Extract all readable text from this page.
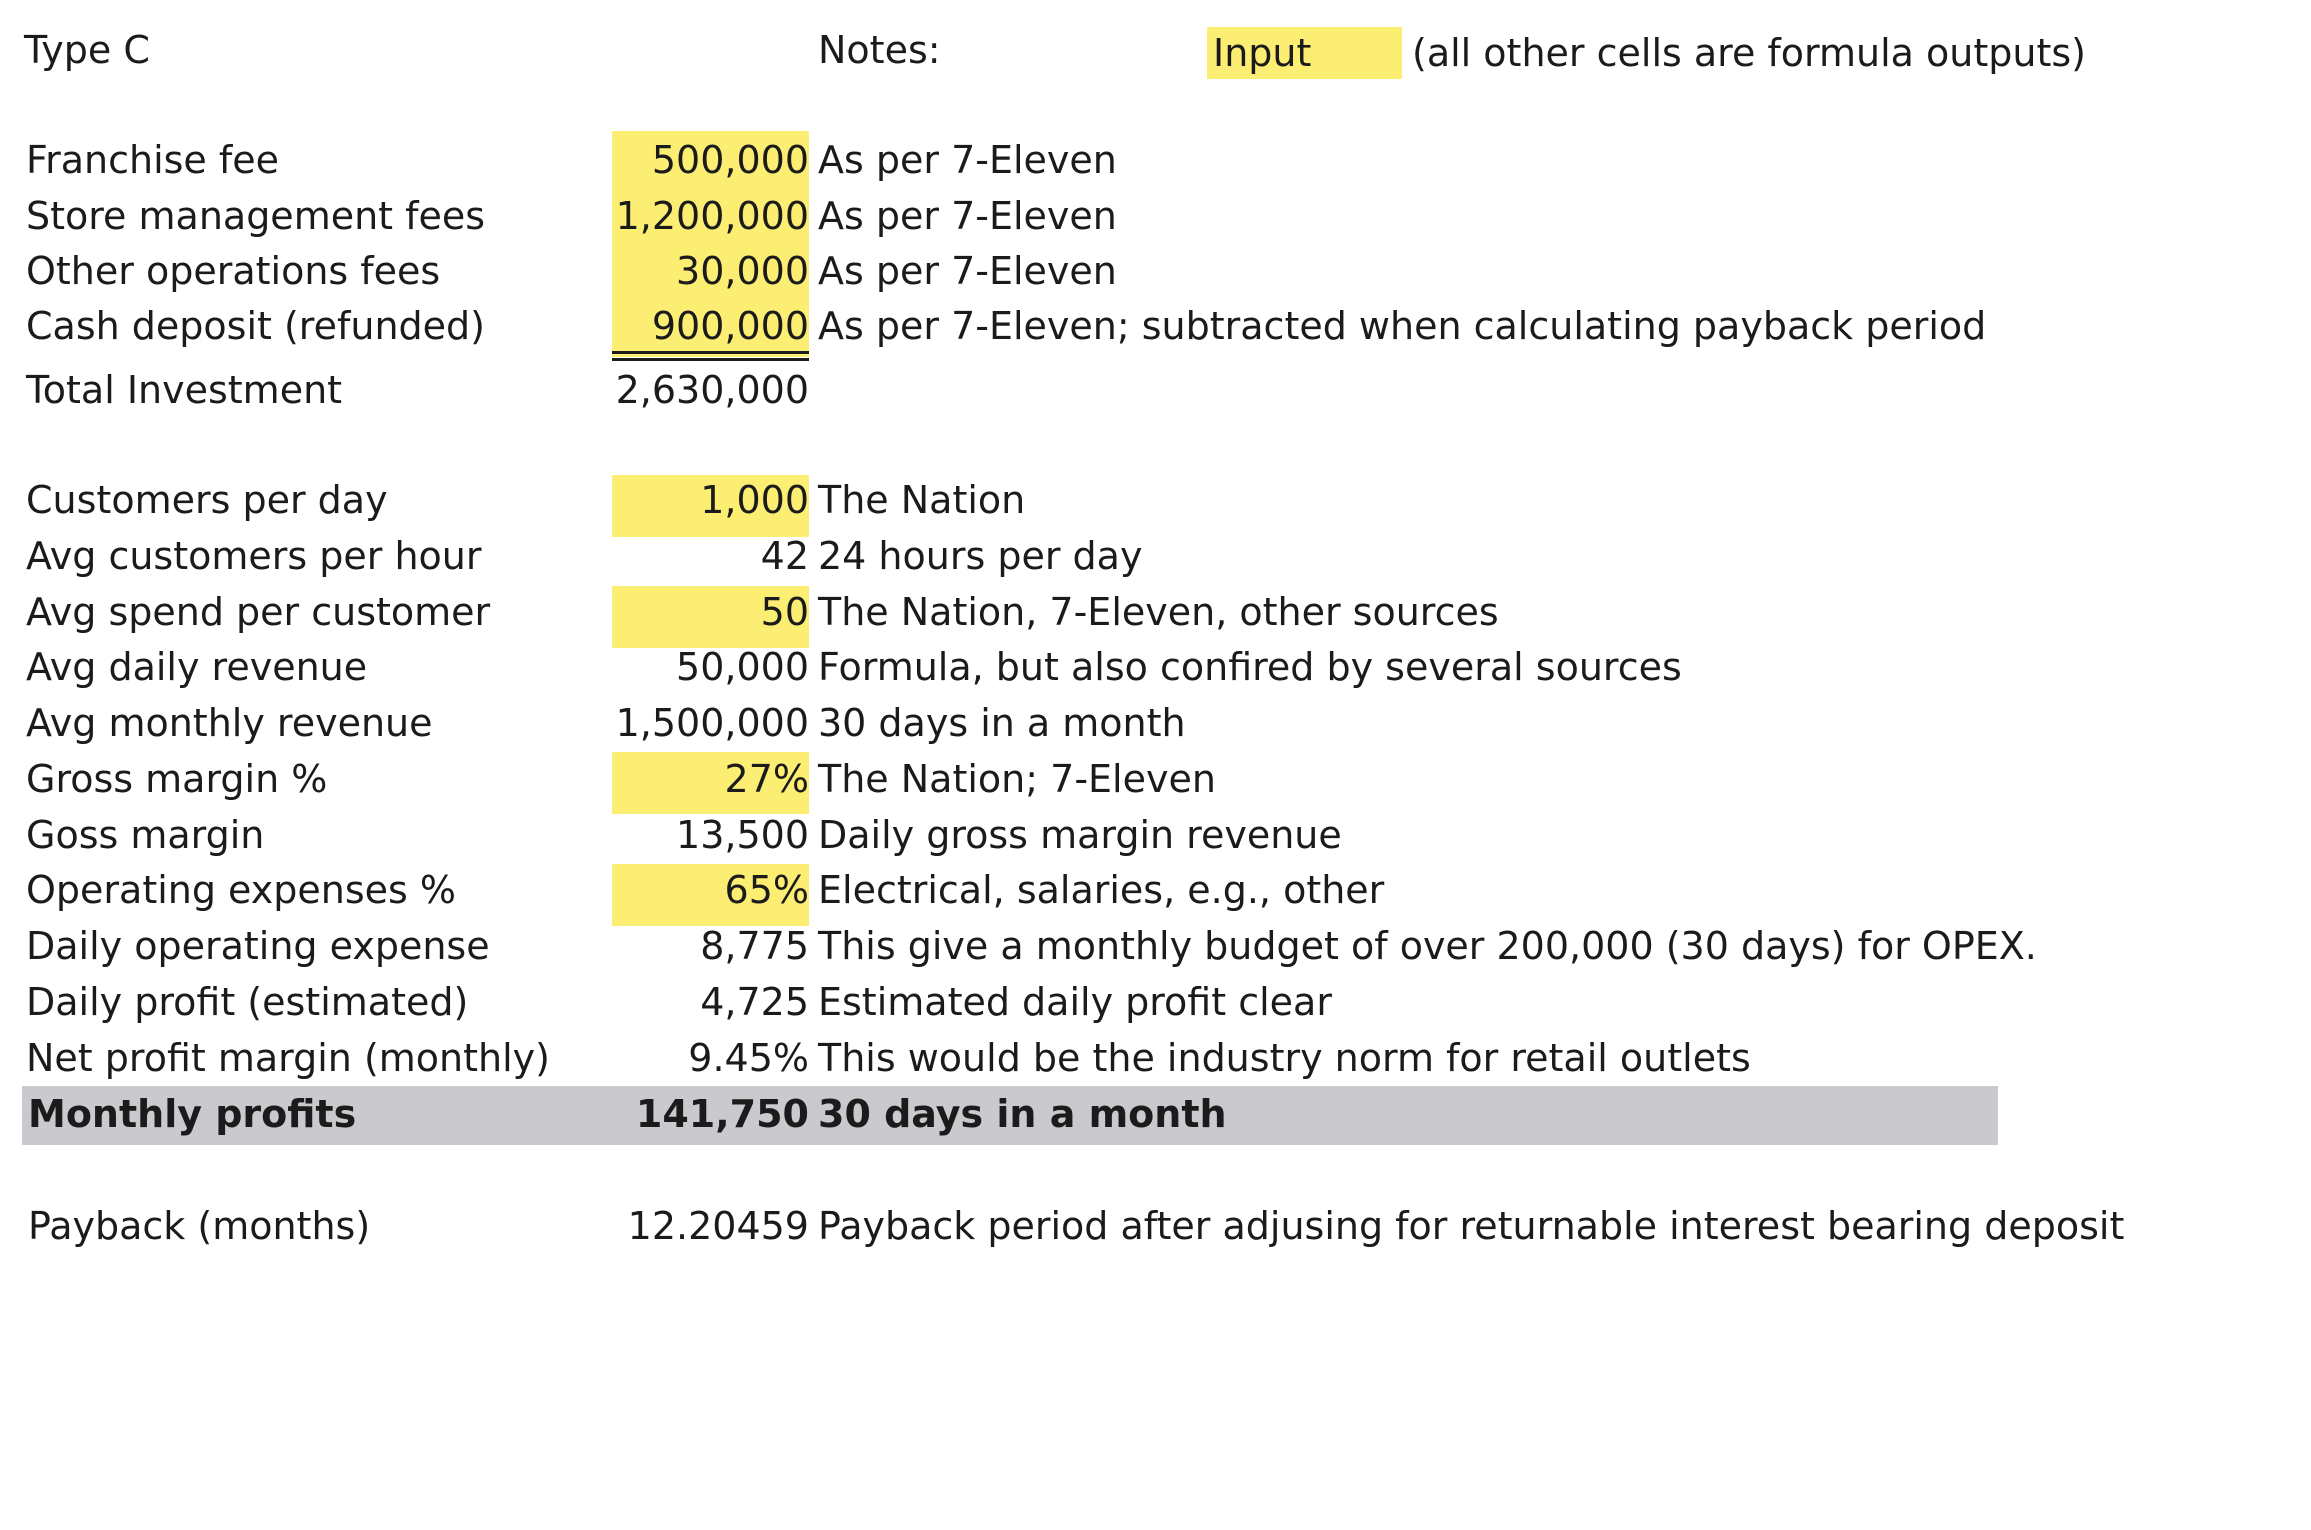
Type C	Notes:	Input	(all other cells are formula outputs)
Franchise fee	500,000 As per 7-Eleven
Store management fees	1,200,000 As per 7-Eleven
Other operations fees	30,000 As per 7-Eleven
Cash deposit (refunded)	900,000 As per 7-Eleven; subtracted when calculating payback period
Total Investment	2,630,000
Customers per day	1,000 The Nation
Avg customers per hour	42 24 hours per day
Avg spend per customer	50 The Nation, 7-Eleven, other sources
Avg daily revenue	50,000 Formula, but also confired by several sources
Avg monthly revenue	1,500,000 30 days in a month
Gross margin %	27% The Nation; 7-Eleven
Goss margin	13,500 Daily gross margin revenue
Operating expenses %	65% Electrical, salaries, e.g., other
Daily operating expense	8,775 This give a monthly budget of over 200,000 (30 days) for OPEX.
Daily profit (estimated)	4,725 Estimated daily profit clear
Net profit margin (monthly)	9.45% This would be the industry norm for retail outlets
Monthly profits	141,750 30 days in a month
Payback (months)	12.20459 Payback period after adjusing for returnable interest bearing deposit
